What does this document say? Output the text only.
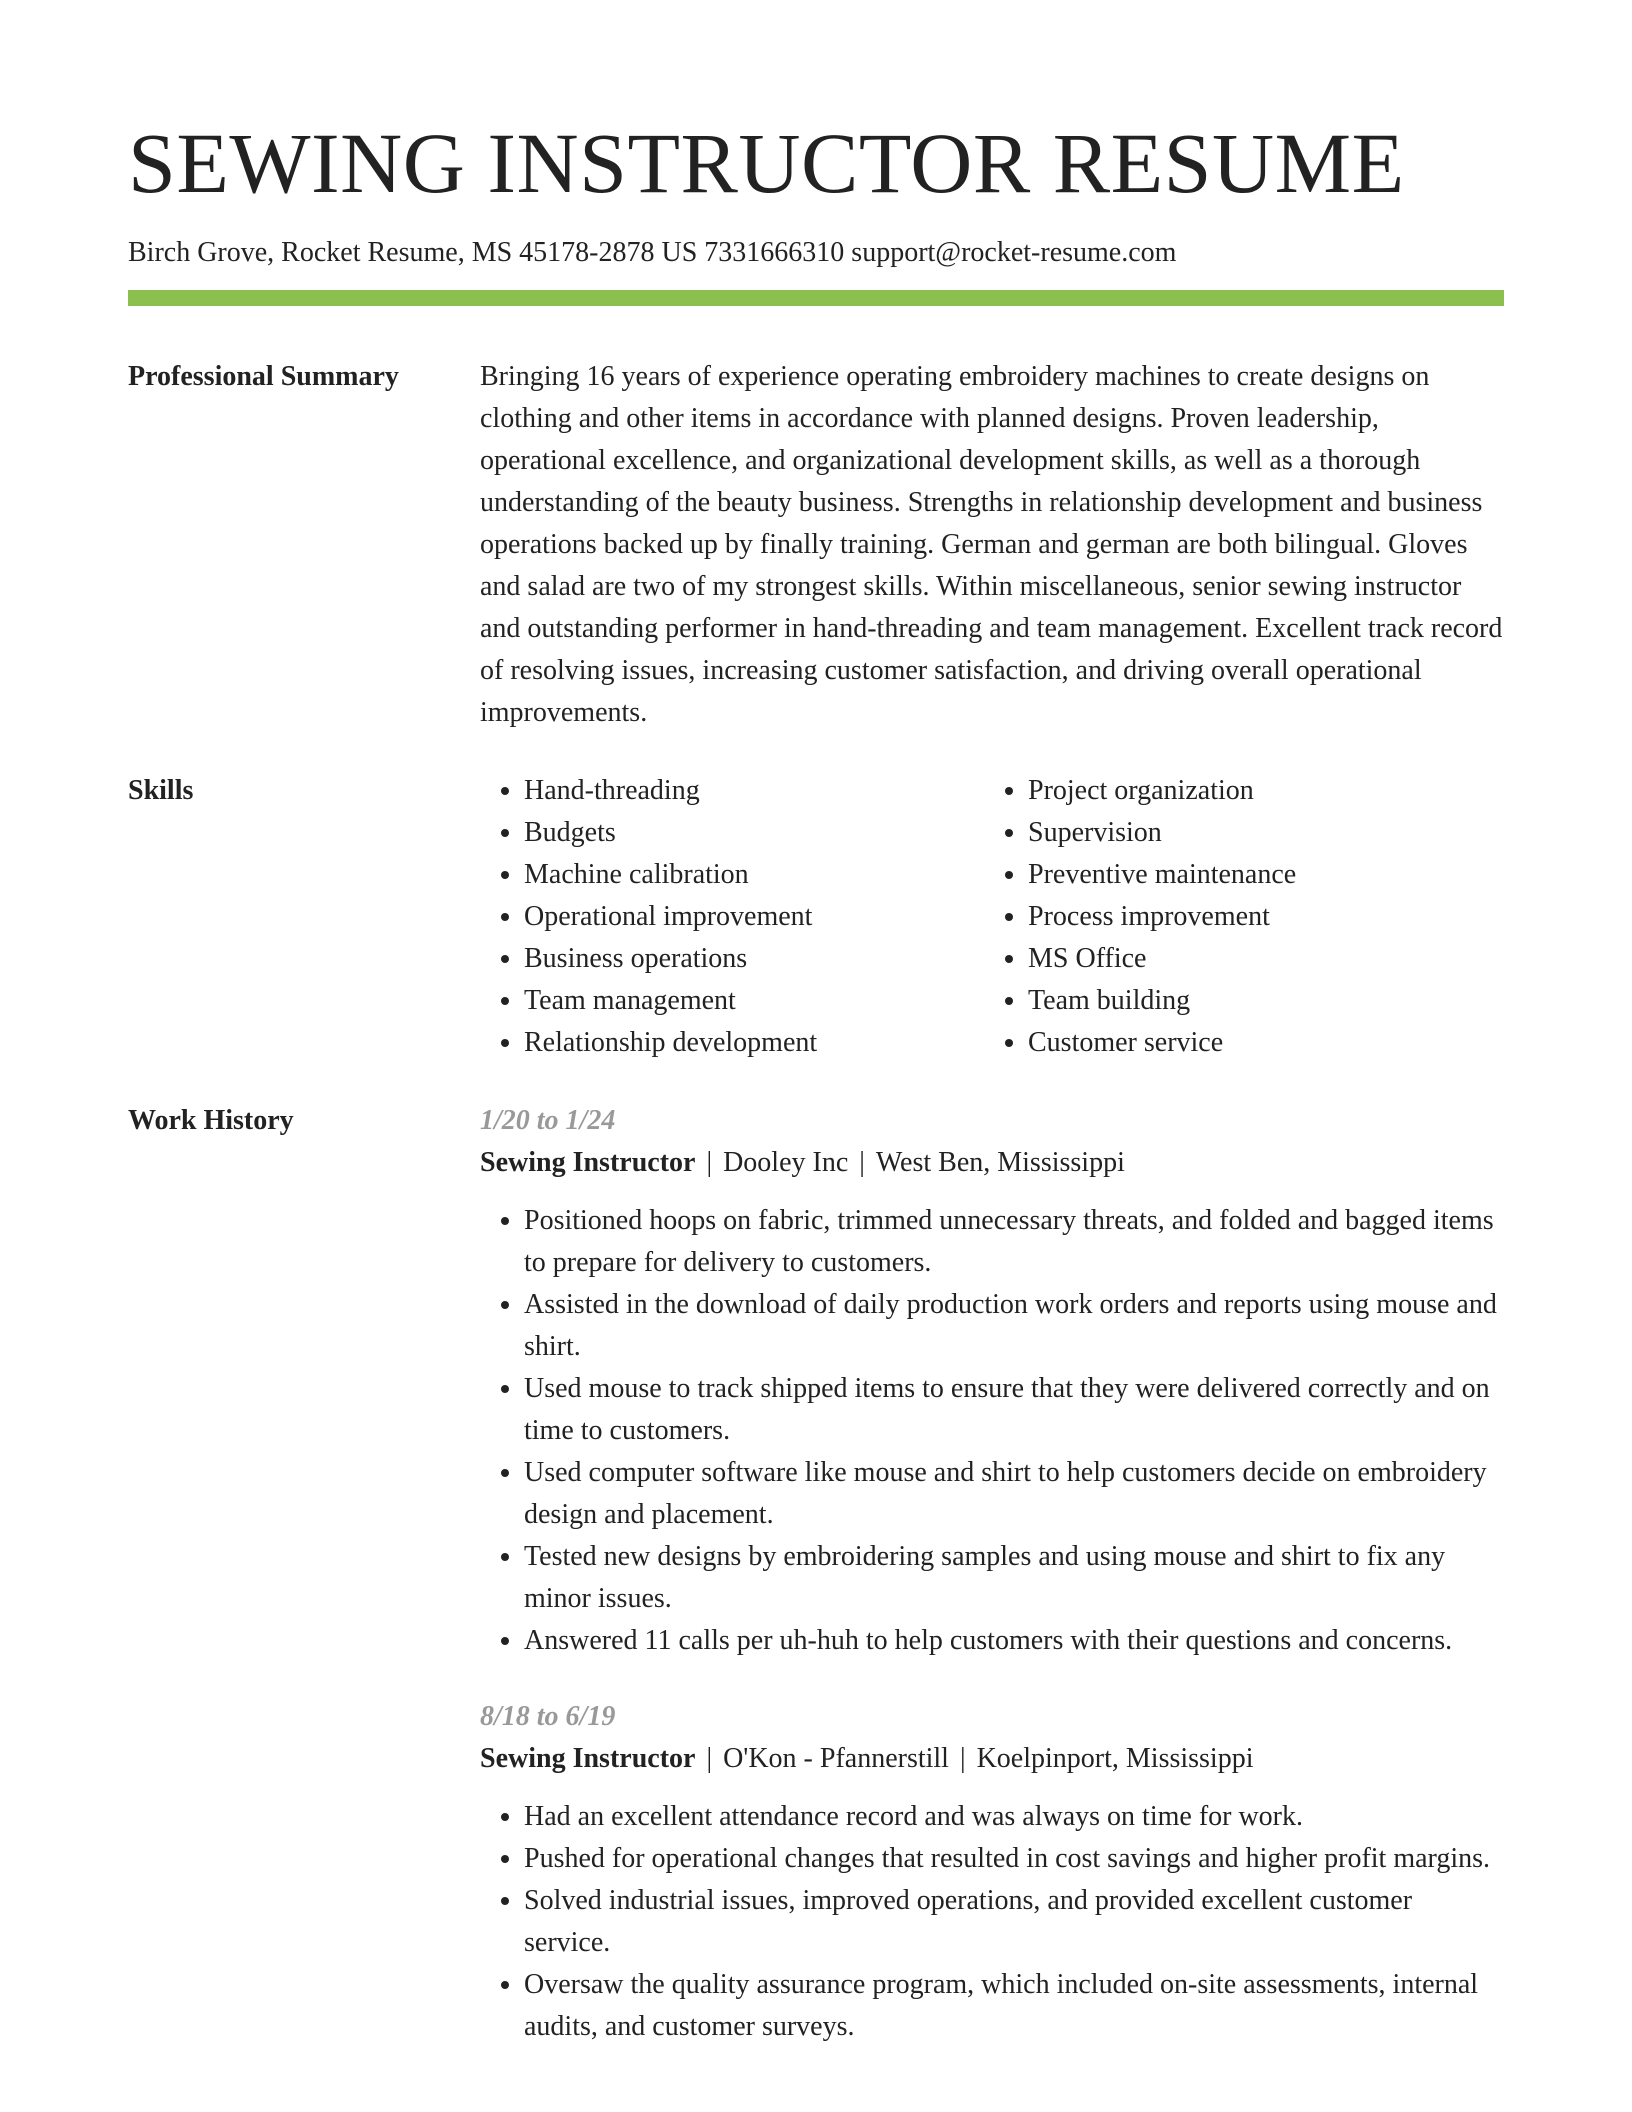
SEWING INSTRUCTOR RESUME
Birch Grove, Rocket Resume, MS 45178-2878 US 7331666310 support@rocket-resume.com
Professional Summary	Bringing 16 years of experience operating embroidery machines to create designs on clothing and other items in accordance with planned designs. Proven leadership, operational excellence, and organizational development skills, as well as a thorough understanding of the beauty business. Strengths in relationship development and business operations backed up by finally training. German and german are both bilingual. Gloves and salad are two of my strongest skills. Within miscellaneous, senior sewing instructor and outstanding performer in hand-threading and team management. Excellent track record of resolving issues, increasing customer satisfaction, and driving overall operational improvements.

Skills
•	Hand-threading
• Budgets
• Machine calibration
• Operational improvement
• Business operations
• Team management
• Relationship development
• Project organization
• Supervision
• Preventive maintenance
• Process improvement
• MS Office
• Team building
• Customer service
Work History	1/20 to 1/24
Sewing Instructor | Dooley Inc | West Ben, Mississippi
• Positioned hoops on fabric, trimmed unnecessary threats, and folded and bagged items to prepare for delivery to customers.
• Assisted in the download of daily production work orders and reports using mouse and shirt.
• Used mouse to track shipped items to ensure that they were delivered correctly and on time to customers.
• Used computer software like mouse and shirt to help customers decide on embroidery design and placement.
• Tested new designs by embroidering samples and using mouse and shirt to fix any minor issues.
• Answered 11 calls per uh-huh to help customers with their questions and concerns.
8/18 to 6/19
Sewing Instructor | O'Kon - Pfannerstill | Koelpinport, Mississippi
• Had an excellent attendance record and was always on time for work.
• Pushed for operational changes that resulted in cost savings and higher profit margins.
• Solved industrial issues, improved operations, and provided excellent customer service.
• Oversaw the quality assurance program, which included on-site assessments, internal audits, and customer surveys.
